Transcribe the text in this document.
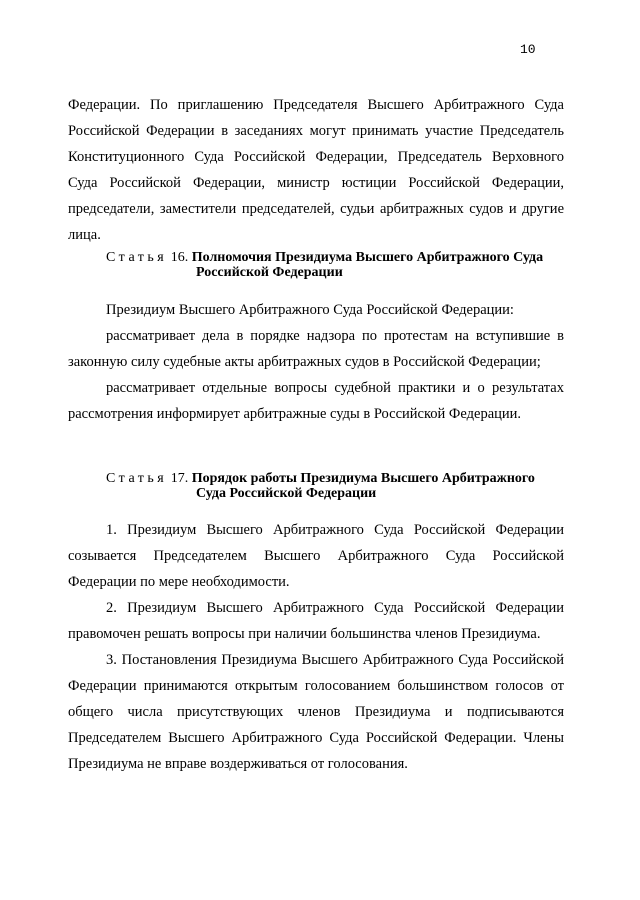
10

Федерации. По приглашению Председателя Высшего Арбитражного Суда Российской Федерации в заседаниях могут принимать участие Председатель Конституционного Суда Российской Федерации, Председатель Верховного Суда Российской Федерации, министр юстиции Российской Федерации, председатели, заместители председателей, судьи арбитражных судов и другие лица.

Статья 16. Полномочия Президиума Высшего Арбитражного Суда
Российской Федерации

Президиум Высшего Арбитражного Суда Российской Федерации:

рассматривает дела в порядке надзора по протестам на вступившие в законную силу судебные акты арбитражных судов в Российской Федерации;

рассматривает отдельные вопросы судебной практики и о результатах рассмотрения информирует арбитражные суды в Российской Федерации.

Статья 17. Порядок работы Президиума Высшего Арбитражного
Суда Российской Федерации

1. Президиум Высшего Арбитражного Суда Российской Федерации созывается Председателем Высшего Арбитражного Суда Российской Федерации по мере необходимости.

2. Президиум Высшего Арбитражного Суда Российской Федерации правомочен решать вопросы при наличии большинства членов Президиума.

3. Постановления Президиума Высшего Арбитражного Суда Российской Федерации принимаются открытым голосованием большинством голосов от общего числа присутствующих членов Президиума и подписываются Председателем Высшего Арбитражного Суда Российской Федерации. Члены Президиума не вправе воздерживаться от голосования.
